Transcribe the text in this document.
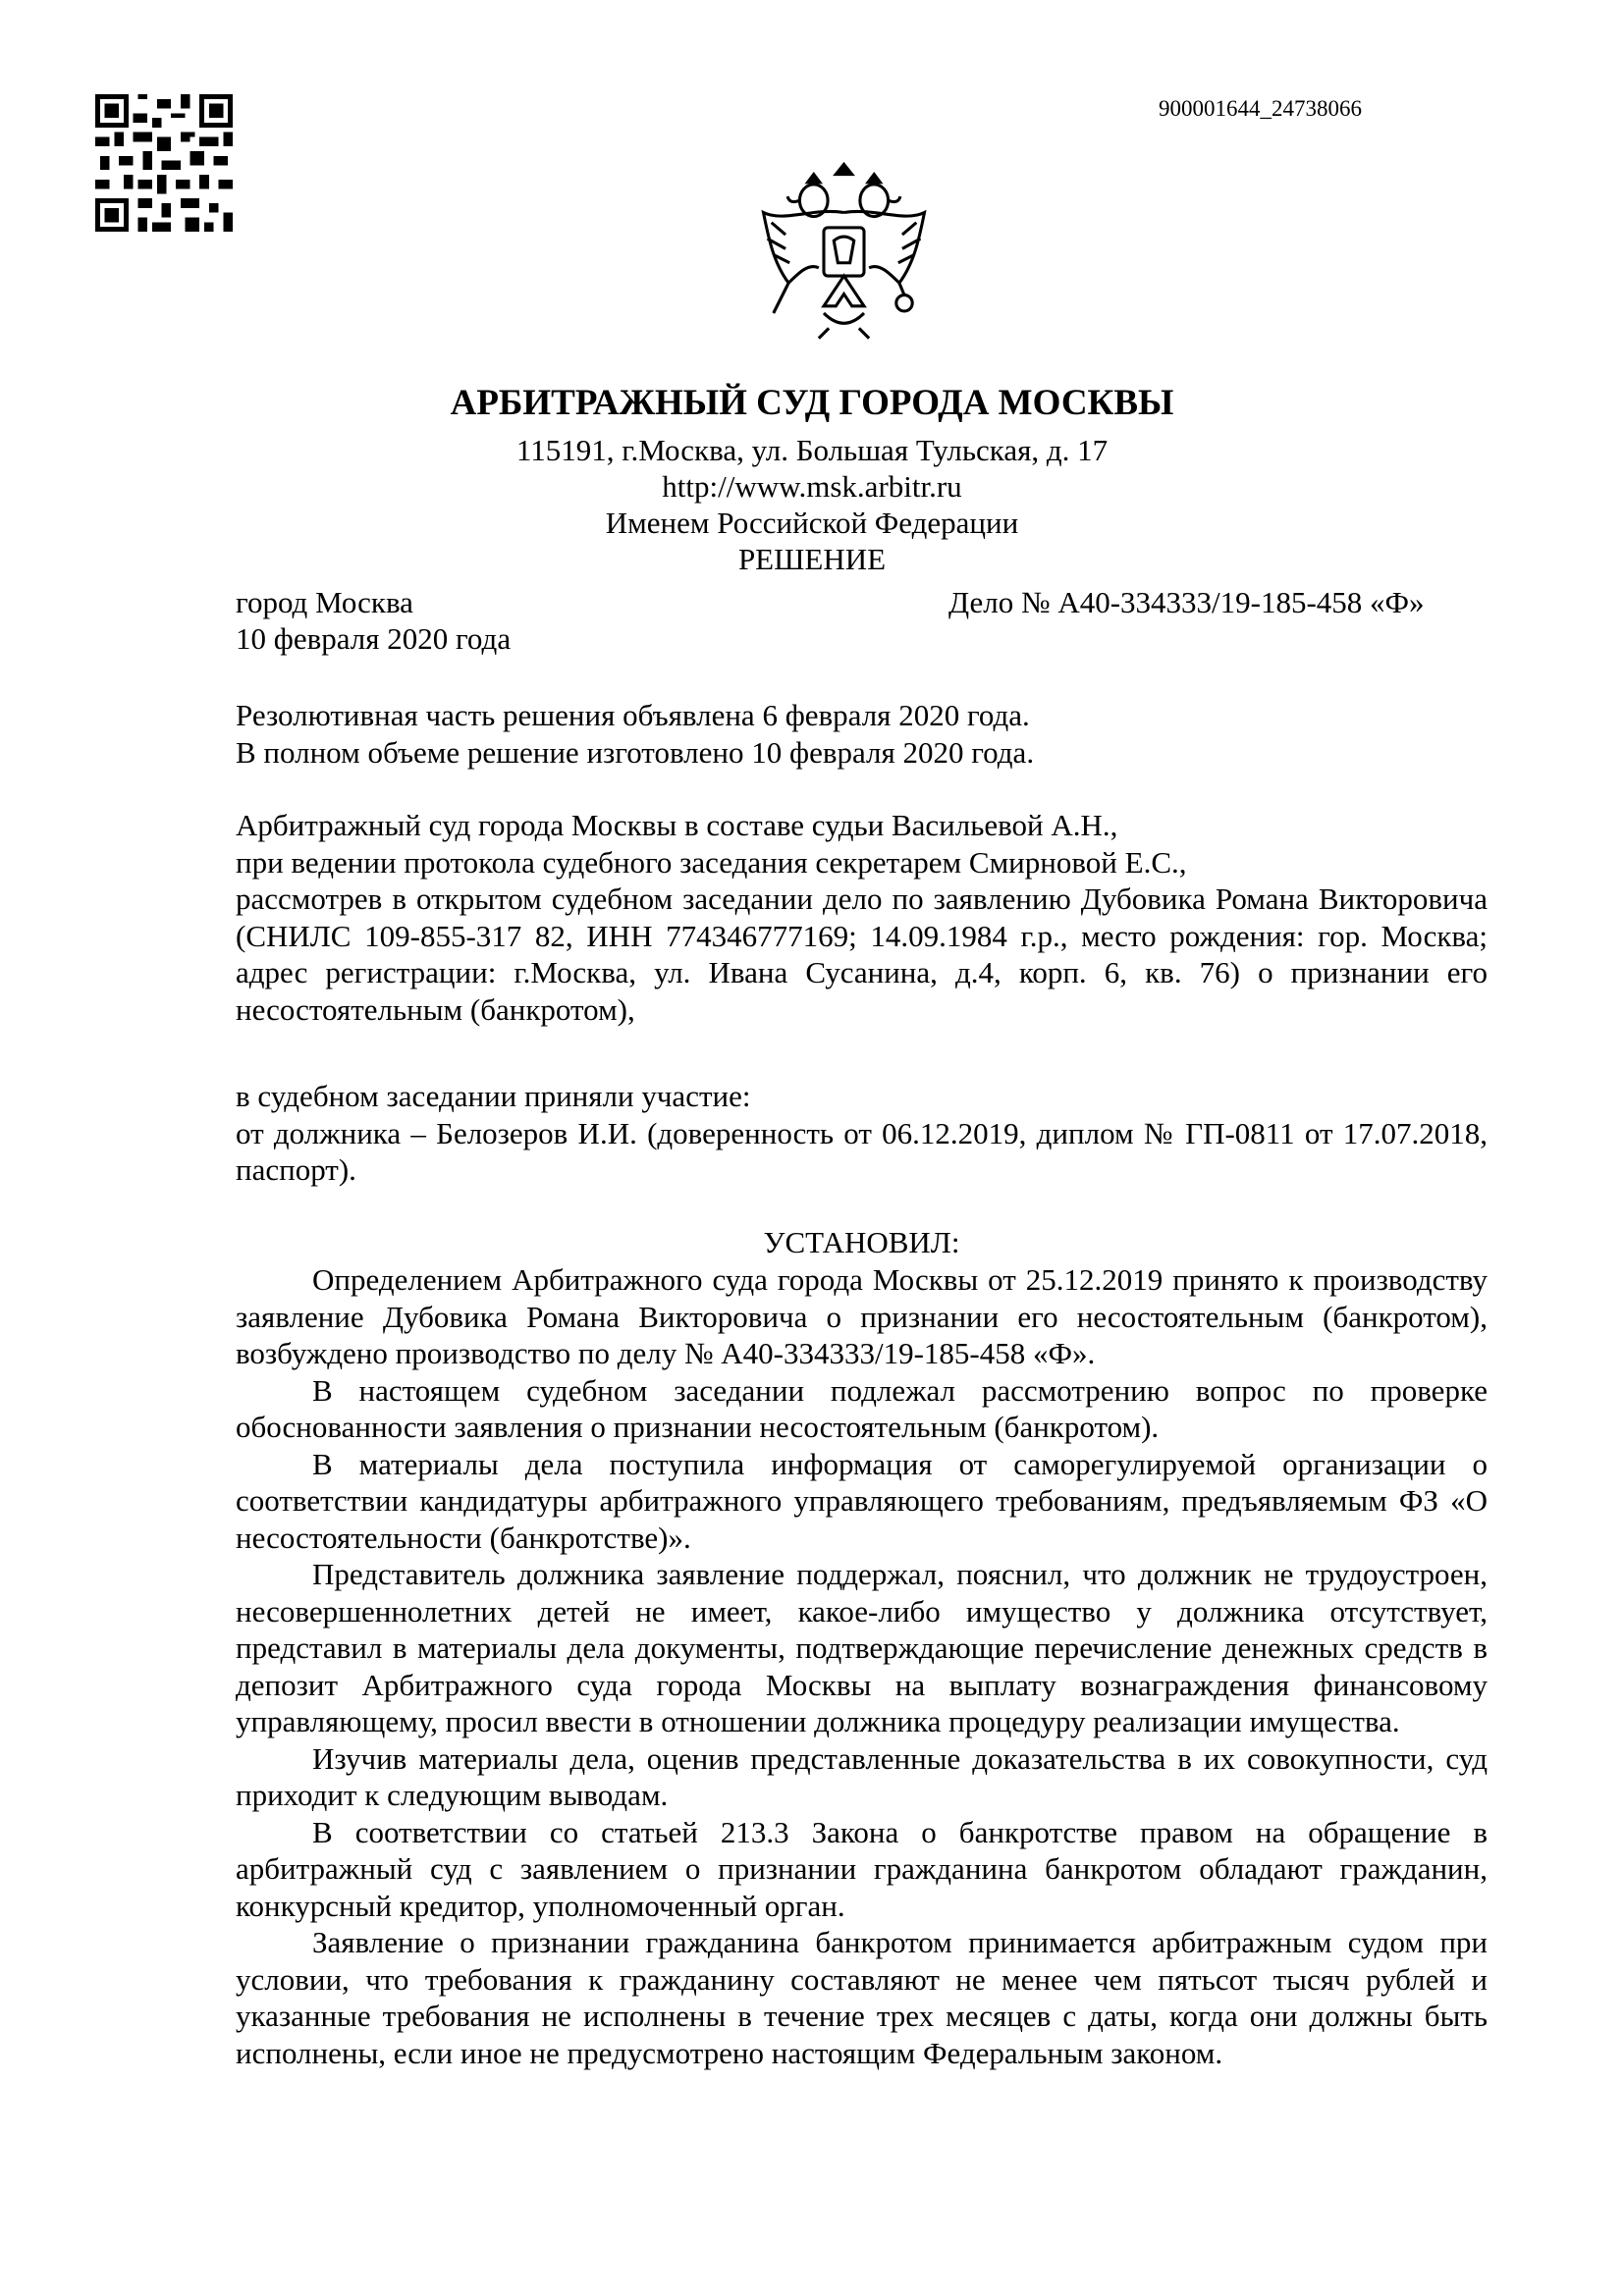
900001644_24738066
АРБИТРАЖНЫЙ СУД ГОРОДА МОСКВЫ
115191, г.Москва, ул. Большая Тульская, д. 17
http://www.msk.arbitr.ru
Именем Российской Федерации
РЕШЕНИЕ
город Москва	Дело № А40-334333/19-185-458 «Ф»
10 февраля 2020 года
Резолютивная часть решения объявлена 6 февраля 2020 года.
В полном объеме решение изготовлено 10 февраля 2020 года.
Арбитражный суд города Москвы в составе судьи Васильевой А.Н.,
при ведении протокола судебного заседания секретарем Смирновой Е.С.,
рассмотрев в открытом судебном заседании дело по заявлению Дубовика Романа Викторовича (СНИЛС 109-855-317 82, ИНН 774346777169; 14.09.1984 г.р., место рождения: гор. Москва; адрес регистрации: г.Москва, ул. Ивана Сусанина, д.4, корп. 6, кв. 76) о признании его несостоятельным (банкротом),
в судебном заседании приняли участие:
от должника – Белозеров И.И. (доверенность от 06.12.2019, диплом № ГП-0811 от 17.07.2018, паспорт).
УСТАНОВИЛ:

Определением Арбитражного суда города Москвы от 25.12.2019 принято к производству заявление Дубовика Романа Викторовича о признании его несостоятельным (банкротом), возбуждено производство по делу № А40-334333/19-185-458 «Ф».

В настоящем судебном заседании подлежал рассмотрению вопрос по проверке обоснованности заявления о признании несостоятельным (банкротом).

В материалы дела поступила информация от саморегулируемой организации о соответствии кандидатуры арбитражного управляющего требованиям, предъявляемым ФЗ «О несостоятельности (банкротстве)».

Представитель должника заявление поддержал, пояснил, что должник не трудоустроен, несовершеннолетних детей не имеет, какое-либо имущество у должника отсутствует, представил в материалы дела документы, подтверждающие перечисление денежных средств в депозит Арбитражного суда города Москвы на выплату вознаграждения финансовому управляющему, просил ввести в отношении должника процедуру реализации имущества.

Изучив материалы дела, оценив представленные доказательства в их совокупности, суд приходит к следующим выводам.

В соответствии со статьей 213.3 Закона о банкротстве правом на обращение в арбитражный суд с заявлением о признании гражданина банкротом обладают гражданин, конкурсный кредитор, уполномоченный орган.

Заявление о признании гражданина банкротом принимается арбитражным судом при условии, что требования к гражданину составляют не менее чем пятьсот тысяч рублей и указанные требования не исполнены в течение трех месяцев с даты, когда они должны быть исполнены, если иное не предусмотрено настоящим Федеральным законом.
